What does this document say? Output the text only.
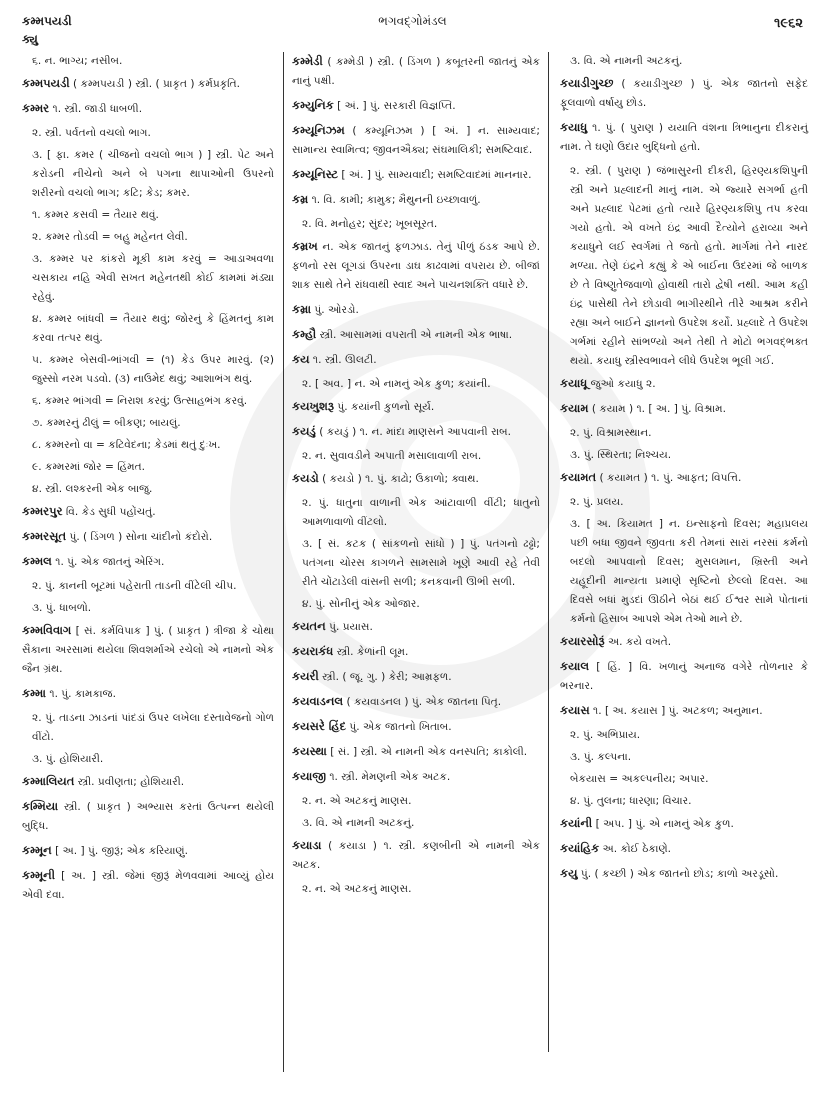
કમ્મપયડી
ક્યુ
ભગવદ્ગોમંડલ	૧૯૬૨
૬. ન. ભાગ્ય; નસીબ.
કમ્મપયડી ( કમ્મપયડી ) સ્ત્રી. ( પ્રાકૃત ) કર્મપ્રકૃતિ.
કમ્મર ૧. સ્ત્રી. જાડી ધાબળી.
૨. સ્ત્રી. પર્વતનો વચલો ભાગ.
૩. [ ફા. કમર ( ચીજનો વચલો ભાગ ) ] સ્ત્રી. પેટ અને કરોડની નીચેનો અને બે પગના થાપાઓની ઉપરનો શરીરનો વચલો ભાગ; કટિ; કેડ; કમર.
૧. કમ્મર કસવી = તૈયાર થવું.
૨. કમ્મર તોડવી = બહુ મહેનત લેવી.
૩. કમ્મર પર કાંકરો મૂકી કામ કરવું = આડાઅવળા ચસકાય નહિ એવી સખત મહેનતથી કોઈ કામમાં મંડ્યા રહેવું.
૪. કમ્મર બાંધવી = તૈયાર થવું; જોરનું કે હિંમતનું કામ કરવા તત્પર થવું.
૫. કમ્મર બેસવી-ભાંગવી = (૧) કેડ ઉપર મારવું. (૨) જુસ્સો નરમ પડવો. (૩) નાઉમેદ થવું; આશાભંગ થવું.
૬. કમ્મર ભાંગવી = નિરાશ કરવું; ઉત્સાહભંગ કરવું.
૭. કમ્મરનું ઢીલું = બીકણ; બાયલું.
૮. કમ્મરનો વા = કટિવેદના; કેડમાં થતું દુઃખ.
૯. કમ્મરમાં જોર = હિંમત.
૪. સ્ત્રી. લશ્કરની એક બાજુ.
કમ્મરપુર વિ. કેડ સુધી પહોંચતું.
કમ્મરસૂત પું. ( ડિંગળ ) સોના ચાંદીનો કંદોરો.
કમ્મલ ૧. પું. એક જાતનું એરિંગ.
૨. પું. કાનની બૂટમાં પહેરાતી તાડની વીંટેલી ચીપ.
૩. પું. ધાબળો.
કમ્મવિવાગ [ સં. કર્મવિપાક ] પું. ( પ્રાકૃત ) ત્રીજા કે ચોથા સૈકાના અરસામાં થયેલા શિવશર્માએ રચેલો એ નામનો એક જૈન ગ્રંથ.
કમ્મા ૧. પું. કામકાજ.
૨. પું. તાડના ઝાડનાં પાંદડાં ઉપર લખેલા દસ્તાવેજનો ગોળ વીંટો.
૩. પું. હોશિયારી.
કમ્માલિયત સ્ત્રી. પ્રવીણતા; હોશિયારી.
કમ્મિયા સ્ત્રી. ( પ્રાકૃત ) અભ્યાસ કરતાં ઉત્પન્ન થયેલી બુદ્ધિ.
કમ્મૂન [ અ. ] પું. જીરૂં; એક કરિયાણું.
કમ્મૂની [ અ. ] સ્ત્રી. જેમાં જીરૂં મેળવવામાં આવ્યું હોય એવી દવા.
કમ્મેડી ( કમ્મેડી ) સ્ત્રી. ( ડિંગળ ) કબૂતરની જાતનું એક નાનું પક્ષી.
કમ્યુનિક [ અં. ] પું. સરકારી વિજ્ઞપ્તિ.
કમ્યૂનિઝમ ( કમ્યૂનિઝમ ) [ અં. ] ન. સામ્યવાદ; સામાન્ય સ્વામિત્વ; જીવનઐક્ય; સંઘમાલિકી; સમષ્ટિવાદ.
કમ્યૂનિસ્ટ [ અં. ] પું. સામ્યવાદી; સમષ્ટિવાદમાં માનનાર.
કમ્ર ૧. વિ. કામી; કામુક; મૈથુનની ઇચ્છાવાળું.
૨. વિ. મનોહર; સુંદર; ખૂબસૂરત.
કમ્રખ ન. એક જાતનું ફળઝાડ. તેનું પીળું ઠંડક આપે છે. ફળનો રસ લૂગડાં ઉપરના ડાઘ કાઢવામાં વપરાય છે. બીજાં શાક સાથે તેને રાંધવાથી સ્વાદ અને પાચનશક્તિ વધારે છે.
કમ્રા પું. ઓરડો.
કમ્હૌ સ્ત્રી. આસામમાં વપરાતી એ નામની એક ભાષા.
કય ૧. સ્ત્રી. ઊલટી.
૨. [ અવ. ] ન. એ નામનું એક કુળ; કયાંની.
કયખુશરૂ પું. કયાંની કુળનો સૂર્ય.
કયડું ( કયડું ) ૧. ન. માંદા માણસને આપવાની રાબ.
૨. ન. સુવાવડીને અપાતી મસાલાવાળી રાબ.
કયડો ( કયડો ) ૧. પું. કાઢો; ઉકાળો; ક્વાથ.
૨. પું. ધાતુના વાળાની એક આંટાવાળી વીંટી; ધાતુનો આમળાવાળો વીંટલો.
૩. [ સં. કટક ( સાંકળનો સાંધો ) ] પું. પતંગનો ઢઢ્ઢો; પતંગના ચોરસ કાગળને સામસામે ખૂણે આવી રહે તેવી રીતે ચોંટાડેલી વાંસની સળી; કનકવાની ઊભી સળી.
૪. પું. સોનીનું એક ઓજાર.
કયતન પું. પ્રયાસ.
કયરાકંધ સ્ત્રી. કેળાંની લૂમ.
કયરી સ્ત્રી. ( જૂ. ગુ. ) કેરી; આમ્રફળ.
કયવાડનલ ( કયવાડનલ ) પું. એક જાતના પિતૃ.
કયસરે હિંદ પું. એક જાતનો ખિતાબ.
કયસ્થા [ સં. ] સ્ત્રી. એ નામની એક વનસ્પતિ; કાકોલી.
કયાજી ૧. સ્ત્રી. મેમણની એક અટક.
૨. ન. એ અટકનું માણસ.
૩. વિ. એ નામની અટકનું.
કયાડા ( કયાડા ) ૧. સ્ત્રી. કણબીની એ નામની એક અટક.
૨. ન. એ અટકનું માણસ.
૩. વિ. એ નામની અટકનું.
કયાડીગુચ્છ ( કયાડીગુચ્છ ) પું. એક જાતનો સફેદ ફૂલવાળો વર્ષાયુ છોડ.
કયાધુ ૧. પું. ( પુરાણ ) યયાતિ વંશના ત્રિભાનુના દીકરાનું નામ. તે ઘણો ઉદાર બુદ્ધિનો હતો.
૨. સ્ત્રી. ( પુરાણ ) જંભાસુરની દીકરી, હિરણ્યકશિપુની સ્ત્રી અને પ્રહ્લાદની માનું નામ. એ જ્યારે સગર્ભા હતી અને પ્રહ્લાદ પેટમાં હતો ત્યારે હિરણ્યકશિપુ તપ કરવા ગયો હતો. એ વખતે ઇંદ્ર આવી દૈત્યોને હરાવ્યા અને કયાધુને લઈ સ્વર્ગમાં તે જતો હતો. માર્ગમાં તેને નારદ મળ્યા. તેણે ઇંદ્રને કહ્યું કે એ બાઈના ઉદરમાં જે બાળક છે તે વિષ્ણુતેજવાળો હોવાથી તારો દ્વેષી નથી. આમ કહી ઇંદ્ર પાસેથી તેને છોડાવી ભાગીરથીને તીરે આશ્રમ કરીને રહ્યા અને બાઈને જ્ઞાનનો ઉપદેશ કર્યો. પ્રહ્લાદે તે ઉપદેશ ગર્ભમાં રહીને સાંભળ્યો અને તેથી તે મોટો ભગવદ્ભક્ત થયો. કયાધુ સ્ત્રીસ્વભાવને લીધે ઉપદેશ ભૂલી ગઈ.
કયાધૂ જુઓ કયાધુ ૨.
કયામ ( કયામ ) ૧. [ અ. ] પું. વિશ્રામ.
૨. પું. વિશ્રામસ્થાન.
૩. પું. સ્થિરતા; નિશ્ચય.
કયામત ( કયામત ) ૧. પું. આફત; વિપત્તિ.
૨. પું. પ્રલય.
૩. [ અ. કિયામત ] ન. ઇન્સાફનો દિવસ; મહાપ્રલય પછી બધા જીવને જીવતા કરી તેમનાં સારાં નરસાં કર્મનો બદલો આપવાનો દિવસ; મુસલમાન, ખ્રિસ્તી અને યહૂદીની માન્યતા પ્રમાણે સૃષ્ટિનો છેલ્લો દિવસ. આ દિવસે બધાં મુડદાં ઊઠીને બેઠાં થઈ ઈશ્વર સામે પોતાનાં કર્મનો હિસાબ આપશે એમ તેઓ માને છે.
કયારસોરૂં અ. કયે વખતે.
કયાલ [ હિં. ] વિ. ખળાનું અનાજ વગેરે તોળનાર કે ભરનાર.
કયાસ ૧. [ અ. કયાસ ] પું. અટકળ; અનુમાન.
૨. પું. અભિપ્રાય.
૩. પું. કલ્પના.
બેકયાસ = અકલ્પનીય; અપાર.
૪. પું. તુલના; ધારણા; વિચાર.
કયાંની [ અપ. ] પું. એ નામનું એક કુળ.
કયાંહિક અ. કોઈ ઠેકાણે.
કયુ પું. ( કચ્છી ) એક જાતનો છોડ; કાળો અરડૂસો.
